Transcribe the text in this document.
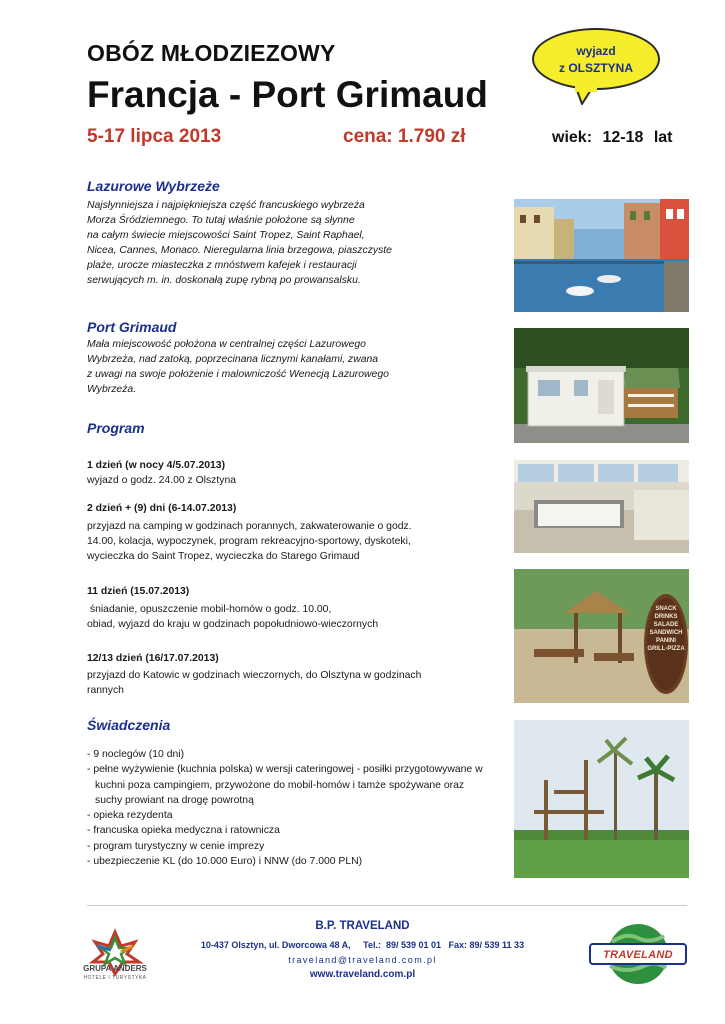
OBÓZ MŁODZIEZOWY
Francja - Port Grimaud
5-17 lipca 2013	cena: 1.790 zł	wiek: 12-18 lat
wyjazd
z OLSZTYNA
Lazurowe Wybrzeże
Najsłynniejsza i najpiękniejsza część francuskiego wybrzeża
Morza Śródziemnego. To tutaj właśnie położone są słynne
na całym świecie miejscowości Saint Tropez, Saint Raphael,
Nicea, Cannes, Monaco. Nieregularna linia brzegowa, piaszczyste
plaże, urocze miasteczka z mnóstwem kafejek i restauracji
serwujących m. in. doskonałą zupę rybną po prowansalsku.
Port Grimaud
Mała miejscowość położona w centralnej części Lazurowego
Wybrzeża, nad zatoką, poprzecinana licznymi kanałami, zwana
z uwagi na swoje położenie i malowniczość Wenecją Lazurowego
Wybrzeża.
Program
1 dzień (w nocy 4/5.07.2013)
wyjazd o godz. 24.00 z Olsztyna
2 dzień + (9) dni (6-14.07.2013)
przyjazd na camping w godzinach porannych, zakwaterowanie o godz.
14.00, kolacja, wypoczynek, program rekreacyjno-sportowy, dyskoteki,
wycieczka do Saint Tropez, wycieczka do Starego Grimaud
11 dzień (15.07.2013)
śniadanie, opuszczenie mobil-homów o godz. 10.00,
obiad, wyjazd do kraju w godzinach popołudniowo-wieczornych
12/13 dzień (16/17.07.2013)
przyjazd do Katowic w godzinach wieczornych, do Olsztyna w godzinach
rannych
Świadczenia
- 9 noclegów (10 dni)
- pełne wyżywienie (kuchnia polska) w wersji cateringowej - posiłki przygotowywane w kuchni poza campingiem, przywożone do mobil-homów i tamże spożywane oraz suchy prowiant na drogę powrotną
- opieka rezydenta
- francuska opieka medyczna i ratownicza
- program turystyczny w cenie imprezy
- ubezpieczenie KL (do 10.000 Euro) i NNW (do 7.000 PLN)
SNACK
DRINKS
SALADE
SANDWICH
PANINI
GRILL-PIZZA
GRUPA ANDERS
HOTELE I TURYSTYKA
B.P. TRAVELAND
10-437 Olsztyn, ul. Dworcowa 48 A,     Tel.:  89/ 539 01 01   Fax: 89/ 539 11 33
traveland@traveland.com.pl
www.traveland.com.pl
TRAVELAND
